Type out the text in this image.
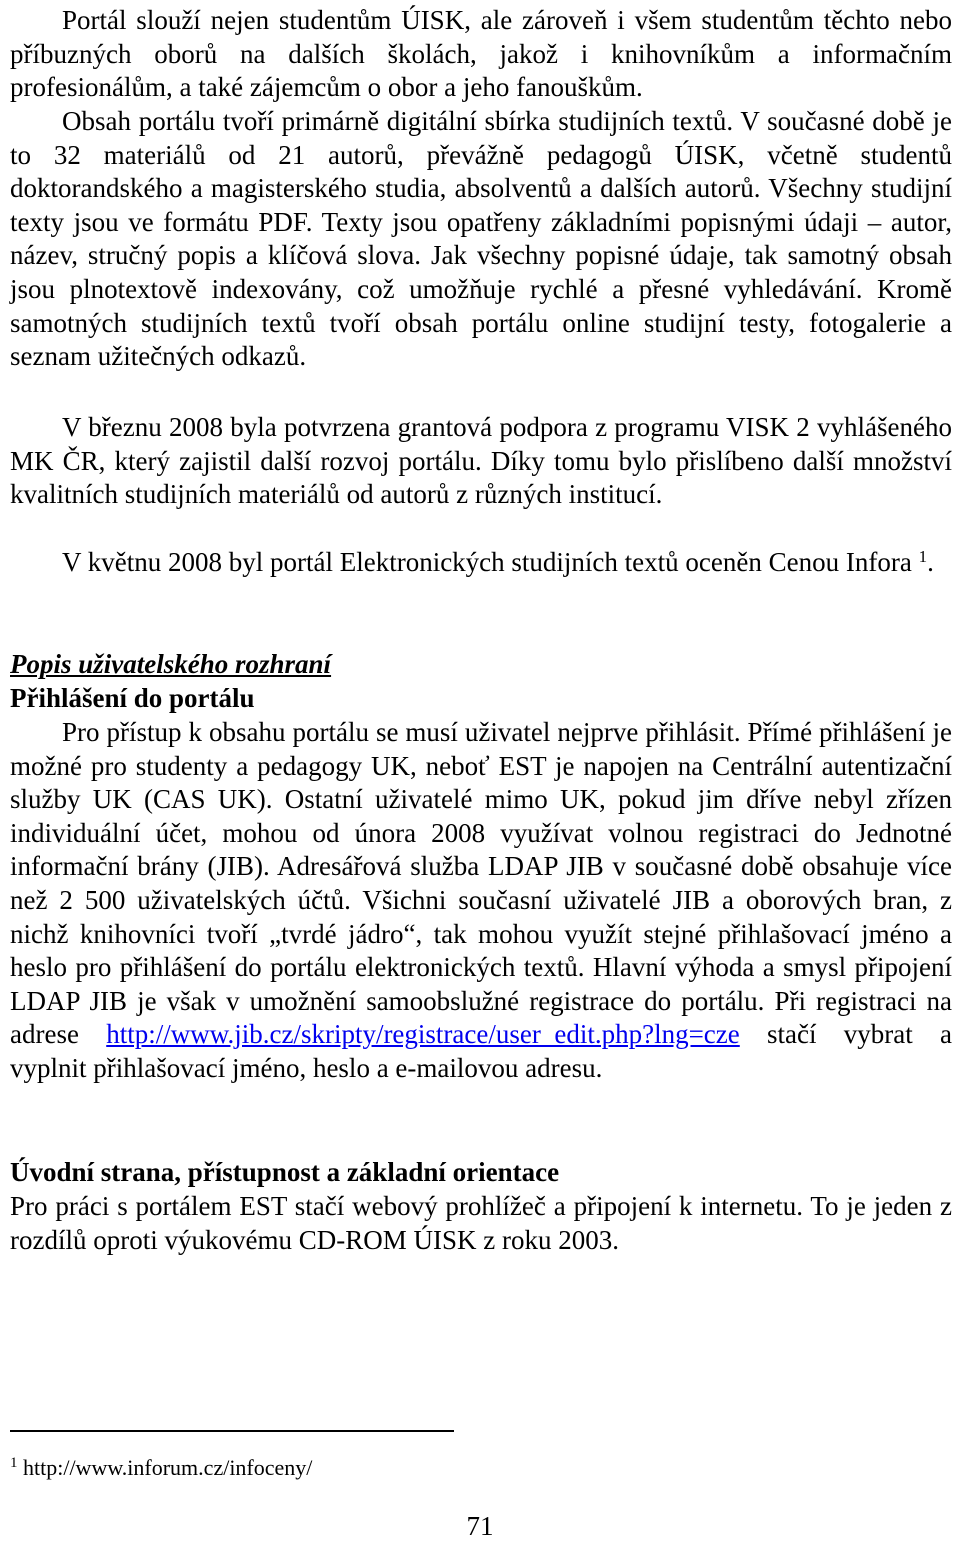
Portál slouží nejen studentům ÚISK, ale zároveň i všem studentům těchto nebo příbuzných oborů na dalších školách, jakož i knihovníkům a informačním profesionálům, a také zájemcům o obor a jeho fanouškům.

Obsah portálu tvoří primárně digitální sbírka studijních textů. V současné době je to 32 materiálů od 21 autorů, převážně pedagogů ÚISK, včetně studentů doktorandského a magisterského studia, absolventů a dalších autorů. Všechny studijní texty jsou ve formátu PDF. Texty jsou opatřeny základními popisnými údaji – autor, název, stručný popis a klíčová slova. Jak všechny popisné údaje, tak samotný obsah jsou plnotextově indexovány, což umožňuje rychlé a přesné vyhledávání. Kromě samotných studijních textů tvoří obsah portálu online studijní testy, fotogalerie a seznam užitečných odkazů.

V březnu 2008 byla potvrzena grantová podpora z programu VISK 2 vyhlášeného MK ČR, který zajistil další rozvoj portálu. Díky tomu bylo přislíbeno další množství kvalitních studijních materiálů od autorů z různých institucí.

V květnu 2008 byl portál Elektronických studijních textů oceněn Cenou Infora $^1$.

Popis uživatelského rozhraní
Přihlášení do portálu

Pro přístup k obsahu portálu se musí uživatel nejprve přihlásit. Přímé přihlášení je možné pro studenty a pedagogy UK, neboť EST je napojen na Centrální autentizační služby UK (CAS UK). Ostatní uživatelé mimo UK, pokud jim dříve nebyl zřízen individuální účet, mohou od února 2008 využívat volnou registraci do Jednotné informační brány (JIB). Adresářová služba LDAP JIB v současné době obsahuje více než 2 500 uživatelských účtů. Všichni současní uživatelé JIB a oborových bran, z nichž knihovníci tvoří „tvrdé jádro“, tak mohou využít stejné přihlašovací jméno a heslo pro přihlášení do portálu elektronických textů. Hlavní výhoda a smysl připojení LDAP JIB je však v umožnění samoobslužné registrace do portálu. Při registraci na adrese http://www.jib.cz/skripty/registrace/user_edit.php?lng=cze stačí vybrat a vyplnit přihlašovací jméno, heslo a e-mailovou adresu.

Úvodní strana, přístupnost a základní orientace

Pro práci s portálem EST stačí webový prohlížeč a připojení k internetu. To je jeden z rozdílů oproti výukovému CD-ROM ÚISK z roku 2003.

$^1$ http://www.inforum.cz/infoceny/
71
